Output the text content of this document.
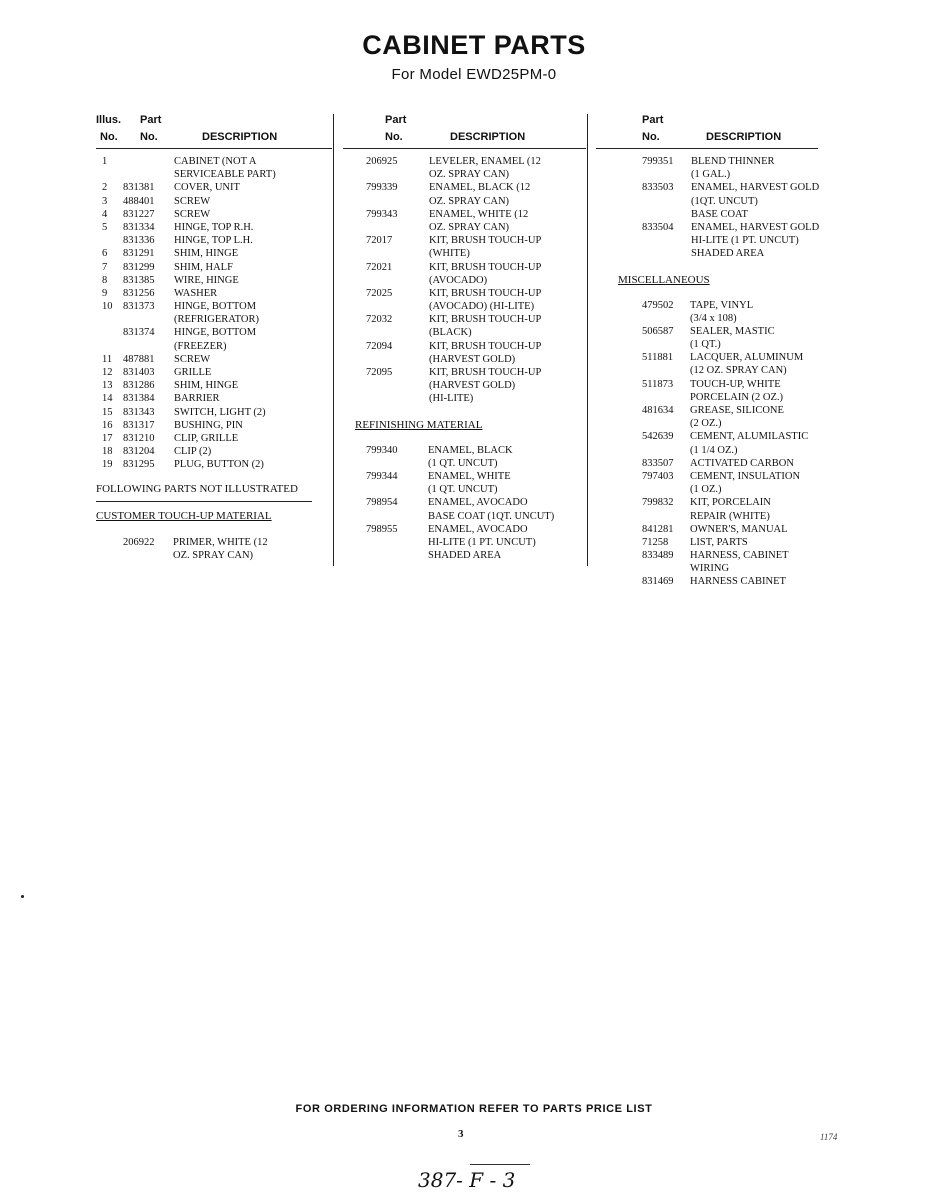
CABINET PARTS
For Model EWD25PM-0
Illus. Part
No. No.	DESCRIPTION
1	CABINET (NOT A
SERVICEABLE PART)
2 831381 COVER, UNIT
3 488401 SCREW
4 831227 SCREW
5 831334 HINGE, TOP R.H.
831336 HINGE, TOP L.H.
6 831291 SHIM, HINGE
7 831299 SHIM, HALF
8 831385 WIRE, HINGE
9 831256 WASHER
10 831373 HINGE, BOTTOM
(REFRIGERATOR)
831374 HINGE, BOTTOM
(FREEZER)
11 487881 SCREW
12 831403 GRILLE
13 831286 SHIM, HINGE
14 831384 BARRIER
15 831343 SWITCH, LIGHT (2)
16 831317 BUSHING, PIN
17 831210 CLIP, GRILLE
18 831204 CLIP (2)
19 831295 PLUG, BUTTON (2)
FOLLOWING PARTS NOT ILLUSTRATED
CUSTOMER TOUCH-UP MATERIAL
206922 PRIMER, WHITE (12
OZ. SPRAY CAN)
Part
No.	DESCRIPTION
206925	LEVELER, ENAMEL (12
OZ. SPRAY CAN)
799339	ENAMEL, BLACK (12
OZ. SPRAY CAN)
799343	ENAMEL, WHITE (12
OZ. SPRAY CAN)
72017	KIT, BRUSH TOUCH-UP
(WHITE)
72021	KIT, BRUSH TOUCH-UP
(AVOCADO)
72025	KIT, BRUSH TOUCH-UP
(AVOCADO) (HI-LITE)
72032	KIT, BRUSH TOUCH-UP
(BLACK)
72094	KIT, BRUSH TOUCH-UP
(HARVEST GOLD)
72095	KIT, BRUSH TOUCH-UP
(HARVEST GOLD)
(HI-LITE)
REFINISHING MATERIAL
799340	ENAMEL, BLACK
(1 QT. UNCUT)
799344	ENAMEL, WHITE
(1 QT. UNCUT)
798954	ENAMEL, AVOCADO
BASE COAT (1QT. UNCUT)
798955	ENAMEL, AVOCADO
HI-LITE (1 PT. UNCUT)
SHADED AREA
Part
No.	DESCRIPTION
799351 BLEND THINNER
(1 GAL.)
833503 ENAMEL, HARVEST GOLD
(1QT. UNCUT)
BASE COAT
833504 ENAMEL, HARVEST GOLD
HI-LITE (1 PT. UNCUT)
SHADED AREA
MISCELLANEOUS
479502 TAPE, VINYL
(3/4 x 108)
506587 SEALER, MASTIC
(1 QT.)
511881 LACQUER, ALUMINUM
(12 OZ. SPRAY CAN)
511873 TOUCH-UP, WHITE
PORCELAIN (2 OZ.)
481634 GREASE, SILICONE
(2 OZ.)
542639 CEMENT, ALUMILASTIC
(1 1/4 OZ.)
833507 ACTIVATED CARBON
797403 CEMENT, INSULATION
(1 OZ.)
799832 KIT, PORCELAIN
REPAIR (WHITE)
841281 OWNER'S, MANUAL
71258 LIST, PARTS
833489 HARNESS, CABINET
WIRING
831469 HARNESS CABINET
FOR ORDERING INFORMATION REFER TO PARTS PRICE LIST
3
387- F - 3
1174
